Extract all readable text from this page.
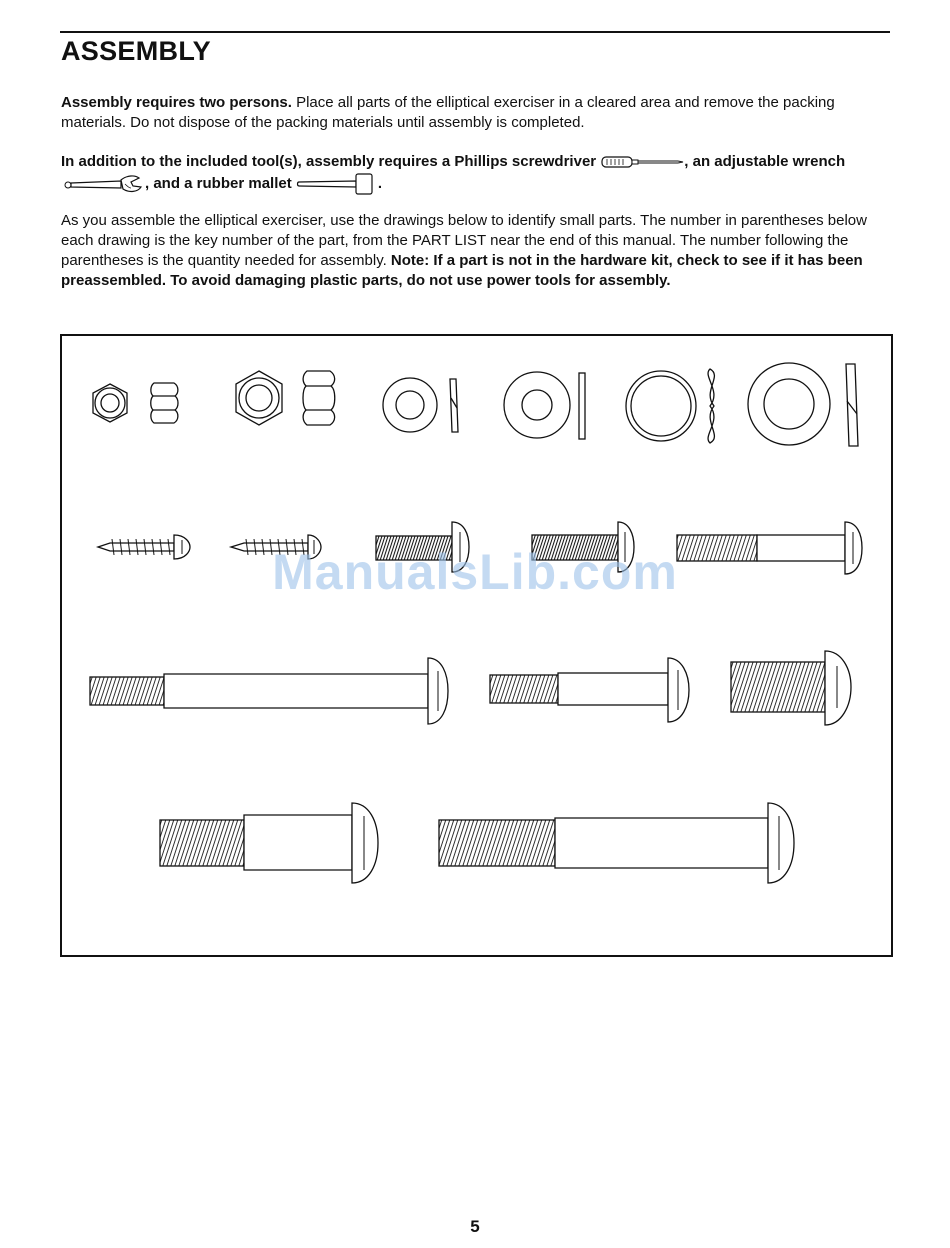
ASSEMBLY

Assembly requires two persons. Place all parts of the elliptical exerciser in a cleared area and remove the packing materials. Do not dispose of the packing materials until assembly is completed.

In addition to the included tool(s), assembly requires a Phillips screwdriver	, an adjustable wrench , and a rubber mallet	.

As you assemble the elliptical exerciser, use the drawings below to identify small parts. The number in parentheses below each drawing is the key number of the part, from the PART LIST near the end of this manual. The number following the parentheses is the quantity needed for assembly. Note: If a part is not in the hardware kit, check to see if it has been preassembled. To avoid damaging plastic parts, do not use power tools for assembly.

ManualsLib.com
5
